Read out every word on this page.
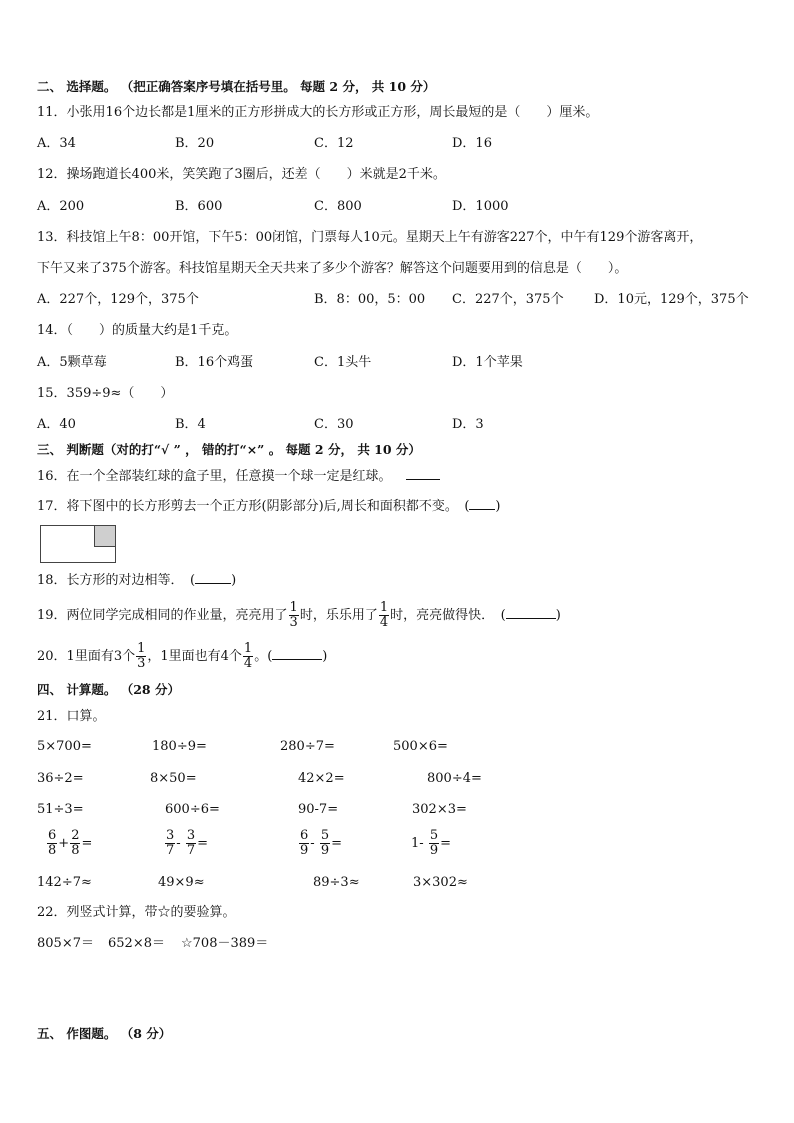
二、 选择题。 （把正确答案序号填在括号里。 每题 2 分， 共 10 分）
11．小张用16个边长都是1厘米的正方形拼成大的长方形或正方形，周长最短的是（　　）厘米。
A．34	B．20	C．12	D．16
12．操场跑道长400米，笑笑跑了3圈后，还差（　　）米就是2千米。
A．200	B．600	C．800	D．1000
13．科技馆上午8：00开馆，下午5：00闭馆，门票每人10元。星期天上午有游客227个，中午有129个游客离开，
下午又来了375个游客。科技馆星期天全天共来了多少个游客？解答这个问题要用到的信息是（　　）。
A．227个，129个，375个	B．8：00，5：00 C．227个，375个 D．10元，129个，375个
14．（　　）的质量大约是1千克。
A．5颗草莓	B．16个鸡蛋	C．1头牛	D．1个苹果
15．359÷9≈（　　）
A．40	B．4	C．30	D．3
三、 判断题（对的打“√ ” ， 错的打“×” 。 每题 2 分， 共 10 分）
16．在一个全部装红球的盒子里，任意摸一个球一定是红球。
17．将下图中的长方形剪去一个正方形(阴影部分)后,周长和面积都不变。　( )
18．长方形的对边相等．　(	)
19．两位同学完成相同的作业量，亮亮用了 $\frac{1}{3}$ 时，乐乐用了 $\frac{1}{4}$ 时，亮亮做得快．　(	)
20．1里面有3个 $\frac{1}{3}$ ，1里面也有4个 $\frac{1}{4}$ 。(	)
四、 计算题。 （28 分）
21．口算。
5×700=	180÷9=	280÷7=	500×6=
36÷2=	8×50=	42×2=	800÷4=
51÷3=	600÷6=	90-7=	302×3=
$\frac{6}{8} + \frac{2}{8}$ =	$\frac{3}{7} - \frac{3}{7}$ =	$\frac{6}{9} - \frac{5}{9}$ =	$1- \frac{5}{9}$ =
142÷7≈	49×9≈	89÷3≈	3×302≈
22．列竖式计算，带☆的要验算。
805×7＝ 652×8＝ ☆708－389＝
五、 作图题。 （8 分）
